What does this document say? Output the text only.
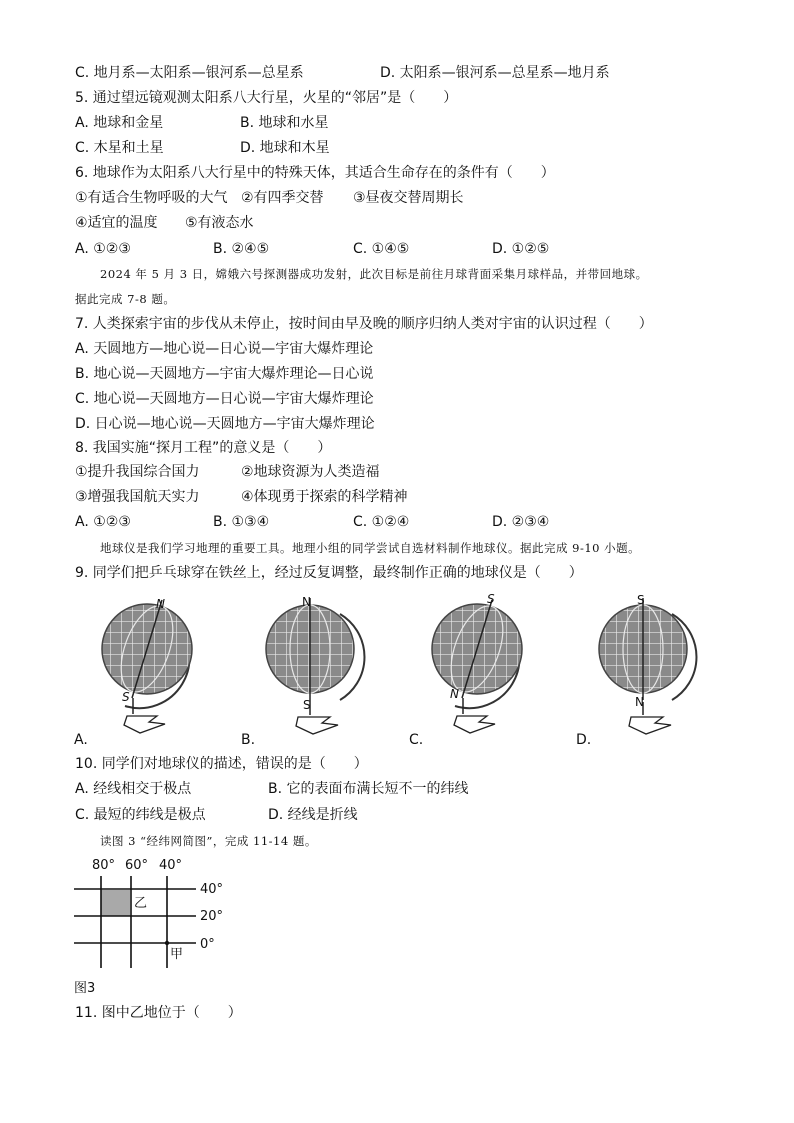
C. 地月系—太阳系—银河系—总星系	D. 太阳系—银河系—总星系—地月系
5. 通过望远镜观测太阳系八大行星，火星的“邻居”是（　　）
A. 地球和金星	B. 地球和水星
C. 木星和土星	D. 地球和木星
6. 地球作为太阳系八大行星中的特殊天体，其适合生命存在的条件有（　　）
①有适合生物呼吸的大气 ②有四季交替 ③昼夜交替周期长
④适宜的温度 ⑤有液态水
A. ①②③	B. ②④⑤	C. ①④⑤	D. ①②⑤
2024 年 5 月 3 日，嫦娥六号探测器成功发射，此次目标是前往月球背面采集月球样品，并带回地球。
据此完成 7-8 题。
7. 人类探索宇宙的步伐从未停止，按时间由早及晚的顺序归纳人类对宇宙的认识过程（　　）
A. 天圆地方—地心说—日心说—宇宙大爆炸理论
B. 地心说—天圆地方—宇宙大爆炸理论—日心说
C. 地心说—天圆地方—日心说—宇宙大爆炸理论
D. 日心说—地心说—天圆地方—宇宙大爆炸理论
8. 我国实施“探月工程”的意义是（　　）
①提升我国综合国力	②地球资源为人类造福
③增强我国航天实力	④体现勇于探索的科学精神
A. ①②③	B. ①③④	C. ①②④	D. ②③④
地球仪是我们学习地理的重要工具。地理小组的同学尝试自选材料制作地球仪。据此完成 9-10 小题。
9. 同学们把乒乓球穿在铁丝上，经过反复调整，最终制作正确的地球仪是（　　）
N
S
N
S
S
N
S
N
A.	B.	C.	D.
10. 同学们对地球仪的描述，错误的是（　　）
A. 经线相交于极点	B. 它的表面布满长短不一的纬线
C. 最短的纬线是极点	D. 经线是折线
读图 3 “经纬网简图”，完成 11-14 题。
80° 60° 40°
40°
20°
0°
乙
甲
图3
11. 图中乙地位于（　　）
